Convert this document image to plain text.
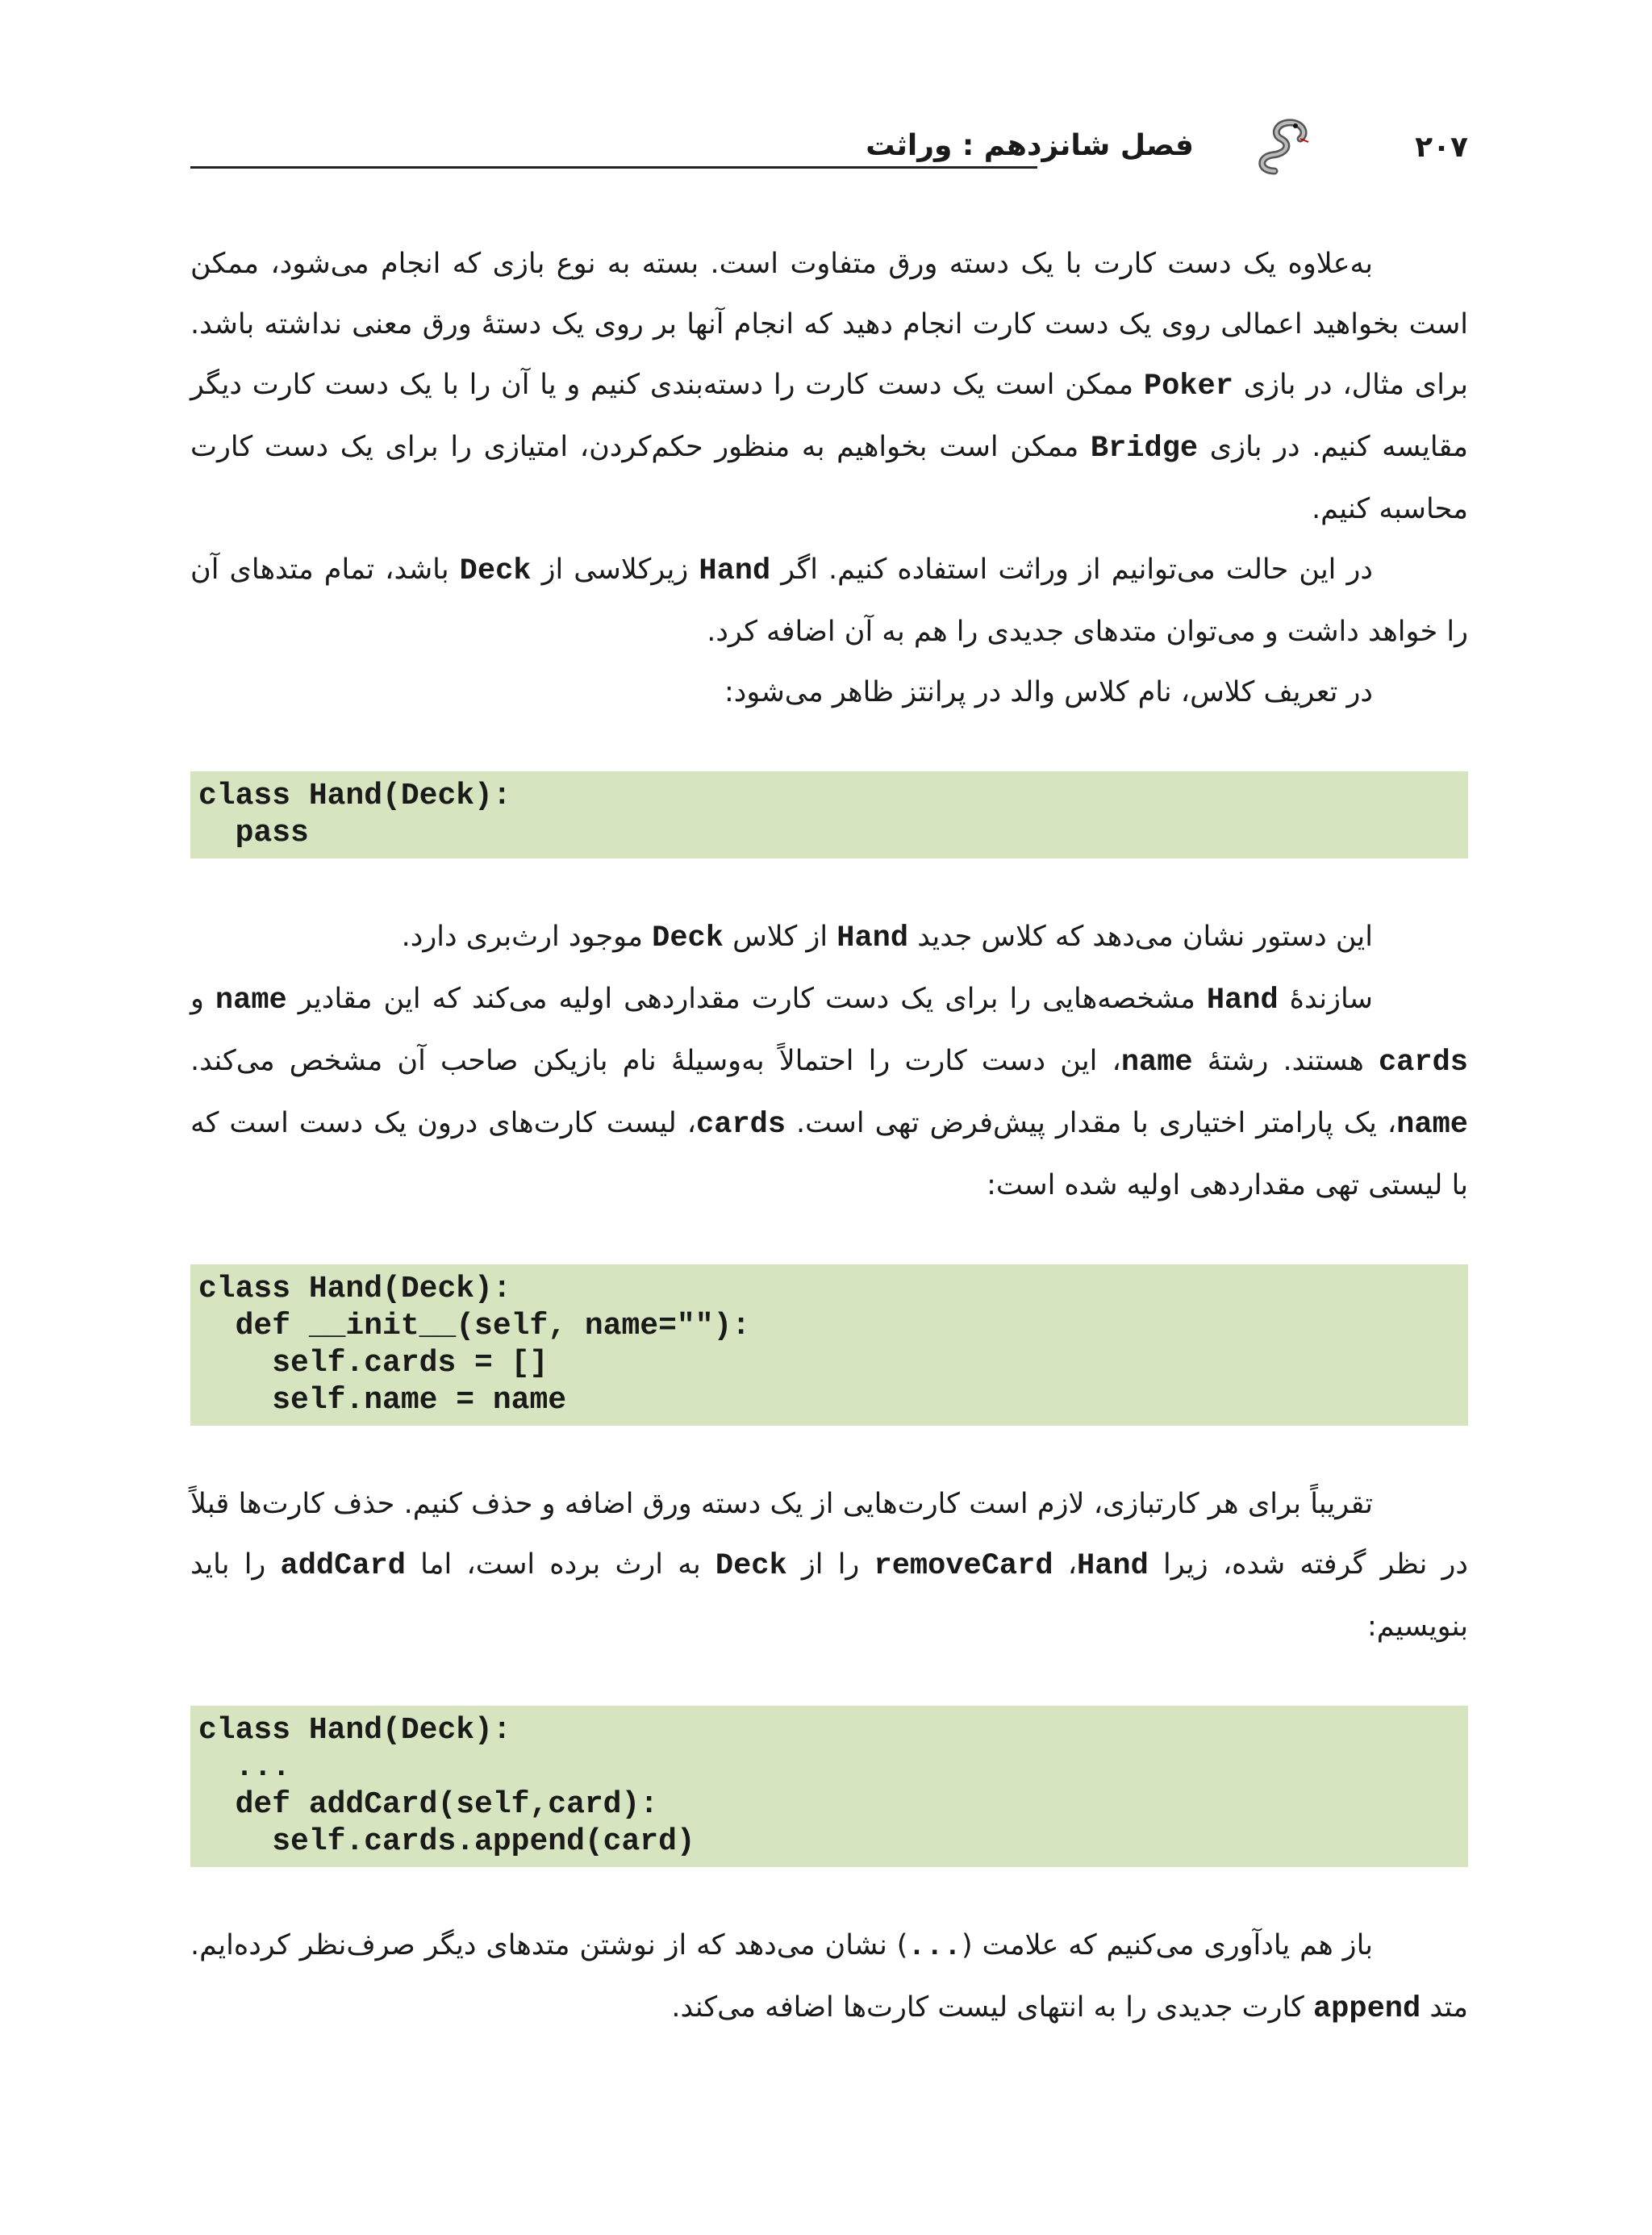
فصل شانزدهم : وراثت	۲۰۷

به‌علاوه یک دست کارت با یک دسته ورق متفاوت است. بسته به نوع بازی که انجام می‌شود، ممکن است بخواهید اعمالی روی یک دست کارت انجام دهید که انجام آنها بر روی یک دستهٔ ورق معنی نداشته باشد. برای مثال، در بازی Poker ممکن است یک دست کارت را دسته‌بندی کنیم و یا آن را با یک دست کارت دیگر مقایسه کنیم. در بازی Bridge ممکن است بخواهیم به منظور حکم‌کردن، امتیازی را برای یک دست کارت محاسبه کنیم.

در این حالت می‌توانیم از وراثت استفاده کنیم. اگر Hand زیرکلاسی از Deck باشد، تمام متدهای آن را خواهد داشت و می‌توان متدهای جدیدی را هم به آن اضافه کرد.

در تعریف کلاس، نام کلاس والد در پرانتز ظاهر می‌شود:

class Hand(Deck):
pass

این دستور نشان می‌دهد که کلاس جدید Hand از کلاس Deck موجود ارث‌بری دارد.

سازندهٔ Hand مشخصه‌هایی را برای یک دست کارت مقداردهی اولیه می‌کند که این مقادیر name و cards هستند. رشتهٔ name، این دست کارت را احتمالاً به‌وسیلهٔ نام بازیکن صاحب آن مشخص می‌کند. name، یک پارامتر اختیاری با مقدار پیش‌فرض تهی است. cards، لیست کارت‌های درون یک دست است که با لیستی تهی مقداردهی اولیه شده است:

class Hand(Deck):
def __init__(self, name=""):
self.cards = []
self.name = name

تقریباً برای هر کارتبازی، لازم است کارت‌هایی از یک دسته ورق اضافه و حذف کنیم. حذف کارت‌ها قبلاً در نظر گرفته شده، زیرا Hand، removeCard را از Deck به ارث برده است، اما addCard را باید بنویسیم:

class Hand(Deck):
...
def addCard(self,card):
self.cards.append(card)

باز هم یادآوری می‌کنیم که علامت (...) نشان می‌دهد که از نوشتن متدهای دیگر صرف‌نظر کرده‌ایم. متد append کارت جدیدی را به انتهای لیست کارت‌ها اضافه می‌کند.
